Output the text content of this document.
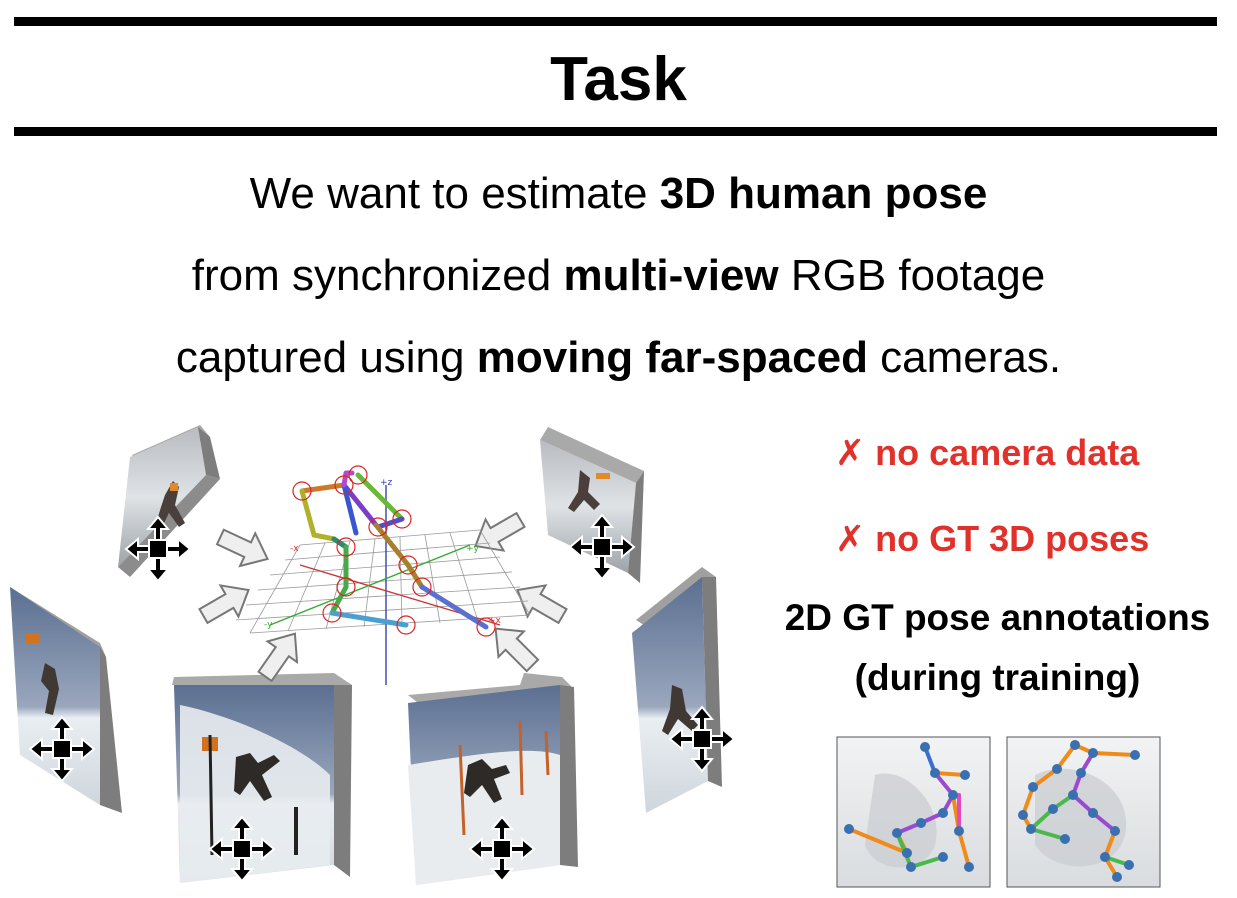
Task
We want to estimate 3D human pose
from synchronized multi-view RGB footage
captured using moving far-spaced cameras.
+z
+x
+y
-x
-y
✗ no camera data
✗ no GT 3D poses
2D GT pose annotations
(during training)
